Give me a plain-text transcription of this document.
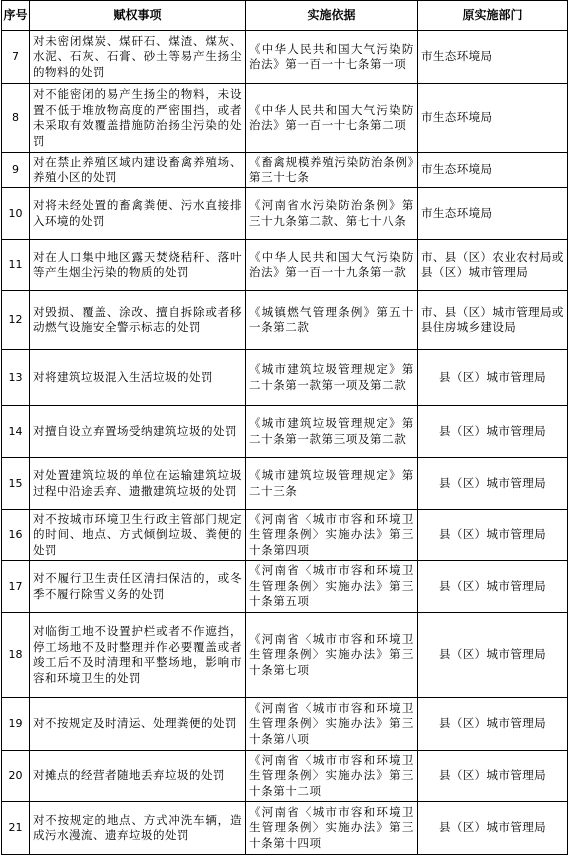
序号	赋权事项	实施依据	原实施部门
7	对未密闭煤炭、煤矸石、煤渣、煤灰、水泥、石灰、石膏、砂土等易产生扬尘的物料的处罚	《中华人民共和国大气污染防治法》第一百一十七条第一项	市生态环境局
8	对不能密闭的易产生扬尘的物料，未设置不低于堆放物高度的严密围挡，或者未采取有效覆盖措施防治扬尘污染的处罚	《中华人民共和国大气污染防治法》第一百一十七条第二项	市生态环境局
9	对在禁止养殖区域内建设畜禽养殖场、养殖小区的处罚	《畜禽规模养殖污染防治条例》第三十七条	市生态环境局
10	对将未经处置的畜禽粪便、污水直接排入环境的处罚	《河南省水污染防治条例》第三十九条第二款、第七十八条	市生态环境局
11	对在人口集中地区露天焚烧秸秆、落叶等产生烟尘污染的物质的处罚	《中华人民共和国大气污染防治法》第一百一十九条第一款	市、县（区）农业农村局或县（区）城市管理局
12	对毁损、覆盖、涂改、擅自拆除或者移动燃气设施安全警示标志的处罚	《城镇燃气管理条例》第五十一条第二款	市、县（区）城市管理局或县住房城乡建设局
13	对将建筑垃圾混入生活垃圾的处罚	《城市建筑垃圾管理规定》第二十条第一款第一项及第二款	县（区）城市管理局
14	对擅自设立弃置场受纳建筑垃圾的处罚	《城市建筑垃圾管理规定》第二十条第一款第三项及第二款	县（区）城市管理局
15	对处置建筑垃圾的单位在运输建筑垃圾过程中沿途丢弃、遗撒建筑垃圾的处罚	《城市建筑垃圾管理规定》第二十三条	县（区）城市管理局
16	对不按城市环境卫生行政主管部门规定的时间、地点、方式倾倒垃圾、粪便的处罚	《河南省〈城市市容和环境卫生管理条例〉实施办法》第三十条第四项	县（区）城市管理局
17	对不履行卫生责任区清扫保洁的，或冬季不履行除雪义务的处罚	《河南省〈城市市容和环境卫生管理条例〉实施办法》第三十条第五项	县（区）城市管理局
18	对临街工地不设置护栏或者不作遮挡，停工场地不及时整理并作必要覆盖或者竣工后不及时清理和平整场地，影响市容和环境卫生的处罚	《河南省〈城市市容和环境卫生管理条例〉实施办法》第三十条第七项	县（区）城市管理局
19	对不按规定及时清运、处理粪便的处罚	《河南省〈城市市容和环境卫生管理条例〉实施办法》第三十条第八项	县（区）城市管理局
20	对摊点的经营者随地丢弃垃圾的处罚	《河南省〈城市市容和环境卫生管理条例〉实施办法》第三十条第十二项	县（区）城市管理局
21	对不按规定的地点、方式冲洗车辆，造成污水漫流、遗弃垃圾的处罚	《河南省〈城市市容和环境卫生管理条例〉实施办法》第三十条第十四项	县（区）城市管理局
